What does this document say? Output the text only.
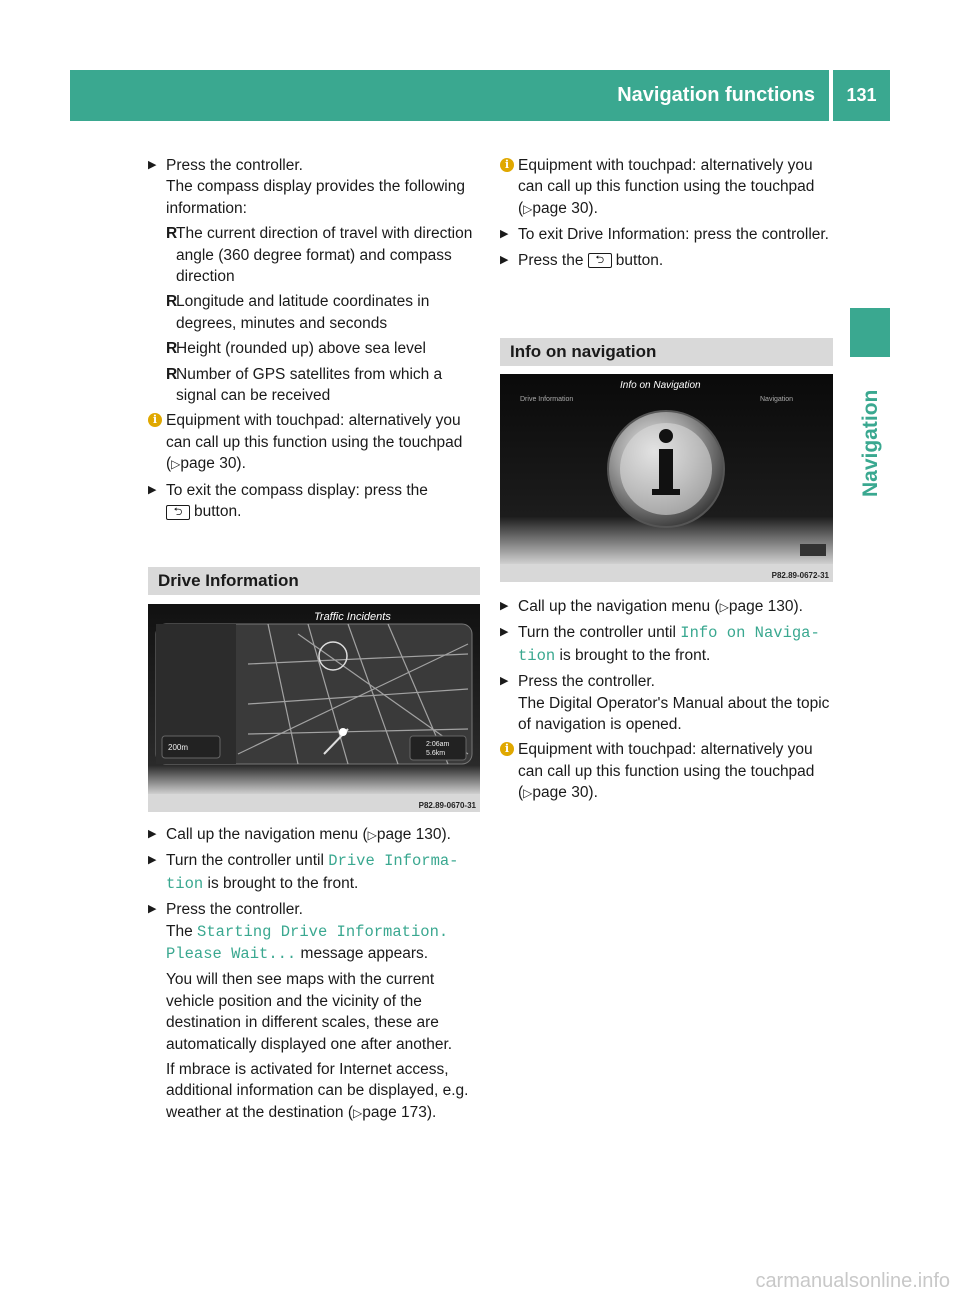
Navigation functions	131
Navigation
▶ Press the controller.
The compass display provides the following information:
R
The current direction of travel with direction angle (360 degree format) and compass direction
R
Longitude and latitude coordinates in degrees, minutes and seconds
R
Height (rounded up) above sea level
R
Number of GPS satellites from which a signal can be received
i Equipment with touchpad: alternatively you can call up this function using the touchpad (▷page 30).
▶ To exit the compass display: press the
⮌ button.
Drive Information
Traffic Incidents
200m	2:06am
5.6km
P82.89-0670-31
▶ Call up the navigation menu (▷page 130).
▶ Turn the controller until Drive Informa‐
tion is brought to the front.
▶ Press the controller.
The Starting Drive Information.
Please Wait... message appears.
You will then see maps with the current vehicle position and the vicinity of the destination in different scales, these are automatically displayed one after another.
If mbrace is activated for Internet access, additional information can be displayed, e.g. weather at the destination (▷page 173).
i Equipment with touchpad: alternatively you can call up this function using the touchpad (▷page 30).
▶ To exit Drive Information: press the controller.
▶ Press the ⮌ button.
Info on navigation
Info on Navigation
Drive Information	Navigation
P82.89-0672-31
▶ Call up the navigation menu (▷page 130).
▶ Turn the controller until Info on Naviga‐
tion is brought to the front.
▶ Press the controller.
The Digital Operator's Manual about the topic of navigation is opened.
i Equipment with touchpad: alternatively you can call up this function using the touchpad (▷page 30).
carmanualsonline.info
